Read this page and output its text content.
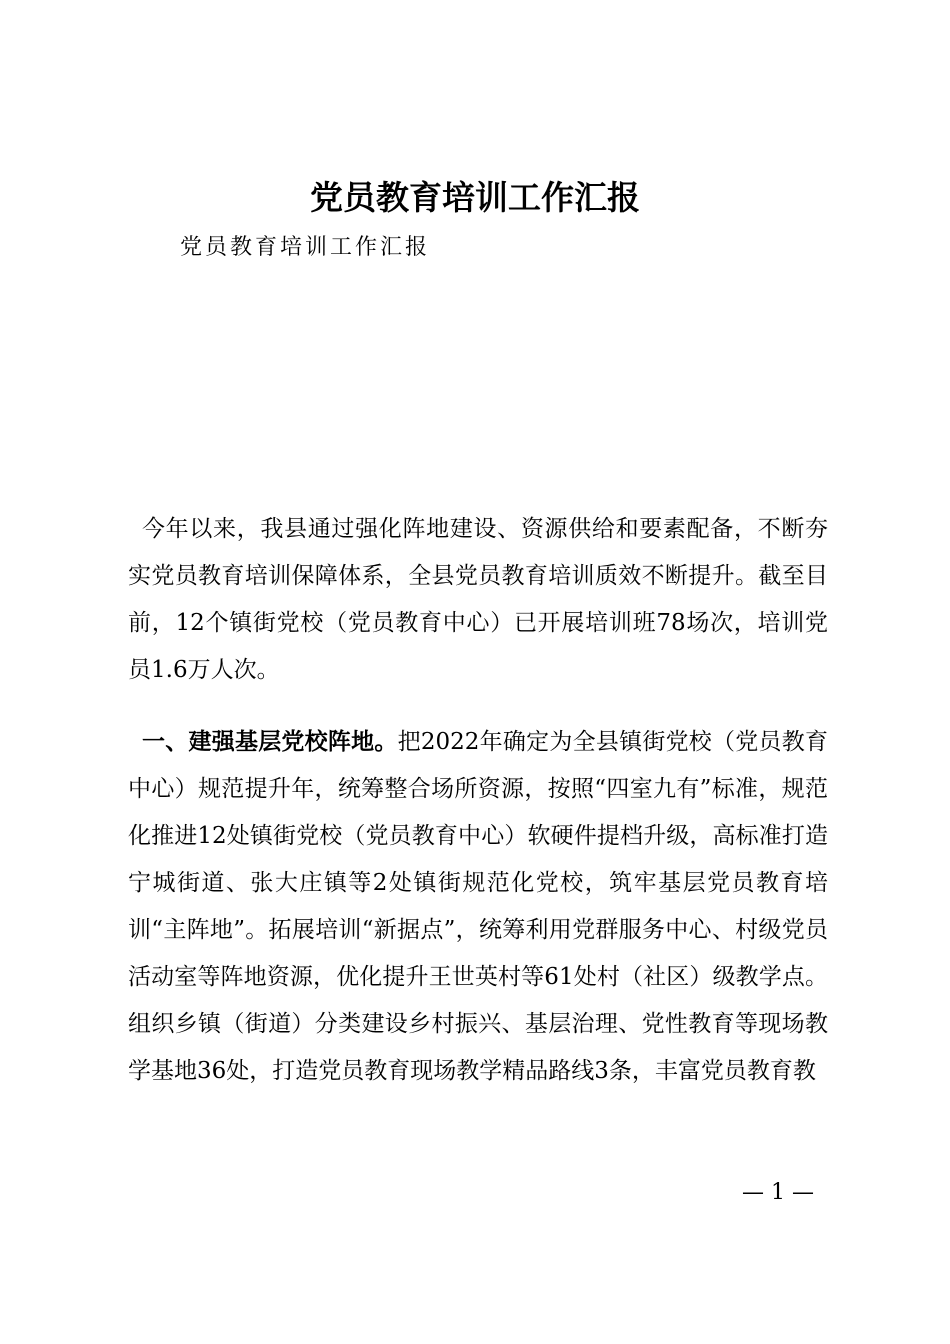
党员教育培训工作汇报
党员教育培训工作汇报

今年以来，我县通过强化阵地建设、资源供给和要素配备，不断夯实党员教育培训保障体系，全县党员教育培训质效不断提升。截至目前，12个镇街党校（党员教育中心）已开展培训班78场次，培训党员1.6万人次。

一、建强基层党校阵地。把2022年确定为全县镇街党校（党员教育中心）规范提升年，统筹整合场所资源，按照“四室九有”标准，规范化推进12处镇街党校（党员教育中心）软硬件提档升级，高标准打造宁城街道、张大庄镇等2处镇街规范化党校，筑牢基层党员教育培训“主阵地”。拓展培训“新据点”，统筹利用党群服务中心、村级党员活动室等阵地资源，优化提升王世英村等61处村（社区）级教学点。组织乡镇（街道）分类建设乡村振兴、基层治理、党性教育等现场教学基地36处，打造党员教育现场教学精品路线3条，丰富党员教育教

— 1 —
